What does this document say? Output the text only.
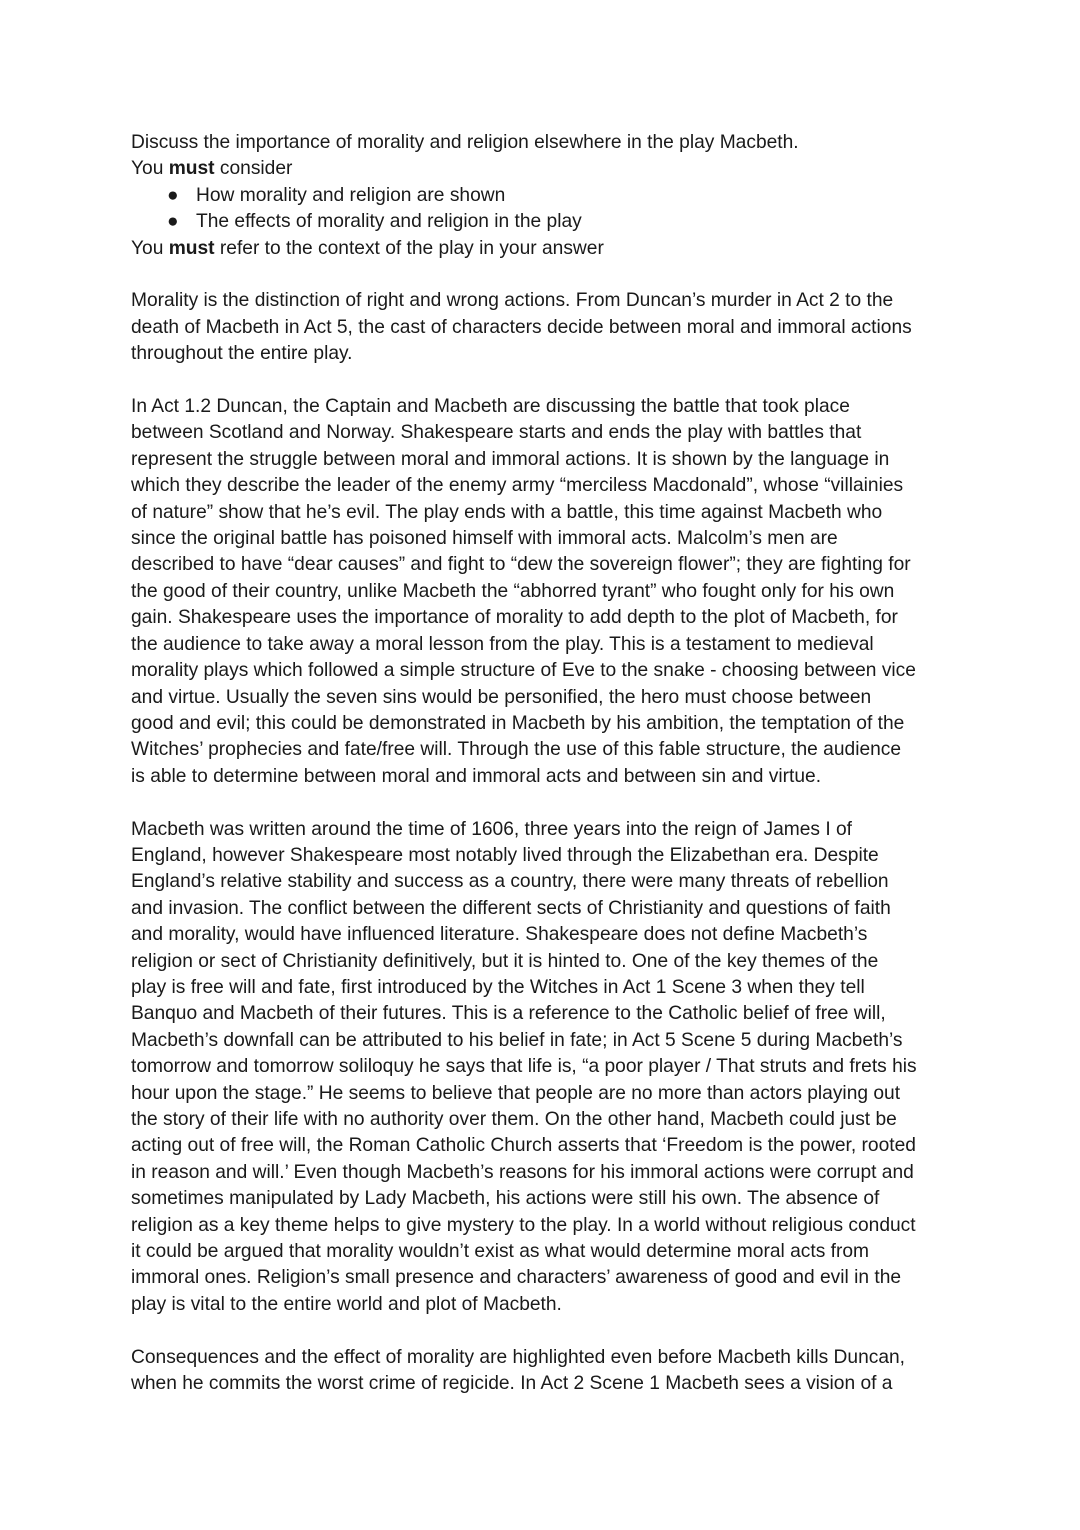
Discuss the importance of morality and religion elsewhere in the play Macbeth.
You must consider
● How morality and religion are shown
● The effects of morality and religion in the play
You must refer to the context of the play in your answer
Morality is the distinction of right and wrong actions. From Duncan’s murder in Act 2 to the
death of Macbeth in Act 5, the cast of characters decide between moral and immoral actions
throughout the entire play.
In Act 1.2 Duncan, the Captain and Macbeth are discussing the battle that took place
between Scotland and Norway. Shakespeare starts and ends the play with battles that
represent the struggle between moral and immoral actions. It is shown by the language in
which they describe the leader of the enemy army “merciless Macdonald”, whose “villainies
of nature” show that he’s evil. The play ends with a battle, this time against Macbeth who
since the original battle has poisoned himself with immoral acts. Malcolm’s men are
described to have “dear causes” and fight to “dew the sovereign flower”; they are fighting for
the good of their country, unlike Macbeth the “abhorred tyrant” who fought only for his own
gain. Shakespeare uses the importance of morality to add depth to the plot of Macbeth, for
the audience to take away a moral lesson from the play. This is a testament to medieval
morality plays which followed a simple structure of Eve to the snake - choosing between vice
and virtue. Usually the seven sins would be personified, the hero must choose between
good and evil; this could be demonstrated in Macbeth by his ambition, the temptation of the
Witches’ prophecies and fate/free will. Through the use of this fable structure, the audience
is able to determine between moral and immoral acts and between sin and virtue.
Macbeth was written around the time of 1606, three years into the reign of James I of
England, however Shakespeare most notably lived through the Elizabethan era. Despite
England’s relative stability and success as a country, there were many threats of rebellion
and invasion. The conflict between the different sects of Christianity and questions of faith
and morality, would have influenced literature. Shakespeare does not define Macbeth’s
religion or sect of Christianity definitively, but it is hinted to. One of the key themes of the
play is free will and fate, first introduced by the Witches in Act 1 Scene 3 when they tell
Banquo and Macbeth of their futures. This is a reference to the Catholic belief of free will,
Macbeth’s downfall can be attributed to his belief in fate; in Act 5 Scene 5 during Macbeth’s
tomorrow and tomorrow soliloquy he says that life is, “a poor player / That struts and frets his
hour upon the stage.” He seems to believe that people are no more than actors playing out
the story of their life with no authority over them. On the other hand, Macbeth could just be
acting out of free will, the Roman Catholic Church asserts that ‘Freedom is the power, rooted
in reason and will.’ Even though Macbeth’s reasons for his immoral actions were corrupt and
sometimes manipulated by Lady Macbeth, his actions were still his own. The absence of
religion as a key theme helps to give mystery to the play. In a world without religious conduct
it could be argued that morality wouldn’t exist as what would determine moral acts from
immoral ones. Religion’s small presence and characters’ awareness of good and evil in the
play is vital to the entire world and plot of Macbeth.
Consequences and the effect of morality are highlighted even before Macbeth kills Duncan,
when he commits the worst crime of regicide. In Act 2 Scene 1 Macbeth sees a vision of a
